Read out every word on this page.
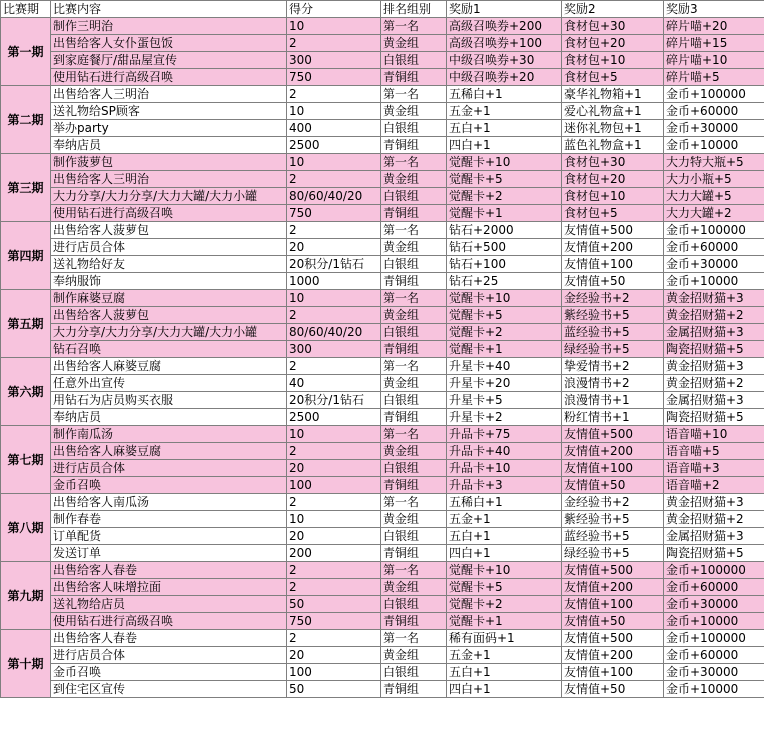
比赛期	比赛内容	得分	排名组别	奖励1	奖励2	奖励3
第一期	制作三明治	10	第一名	高级召唤券+200	食材包+30	碎片喵+20
	出售给客人女仆蛋包饭	2	黄金组	高级召唤券+100	食材包+20	碎片喵+15
	到家庭餐厅/甜品屋宣传	300	白银组	中级召唤券+30	食材包+10	碎片喵+10
	使用钻石进行高级召唤	750	青铜组	中级召唤券+20	食材包+5	碎片喵+5
第二期	出售给客人三明治	2	第一名	五稀白+1	豪华礼物箱+1	金币+100000
	送礼物给SP顾客	10	黄金组	五金+1	爱心礼物盒+1	金币+60000
	举办party	400	白银组	五白+1	迷你礼物包+1	金币+30000
	奉纳店员	2500	青铜组	四白+1	蓝色礼物盒+1	金币+10000
第三期	制作菠萝包	10	第一名	觉醒卡+10	食材包+30	大力特大瓶+5
	出售给客人三明治	2	黄金组	觉醒卡+5	食材包+20	大力小瓶+5
	大力分享/大力分享/大力大罐/大力小罐	80/60/40/20	白银组	觉醒卡+2	食材包+10	大力大罐+5
	使用钻石进行高级召唤	750	青铜组	觉醒卡+1	食材包+5	大力大罐+2
第四期	出售给客人菠萝包	2	第一名	钻石+2000	友情值+500	金币+100000
	进行店员合体	20	黄金组	钻石+500	友情值+200	金币+60000
	送礼物给好友	20积分/1钻石	白银组	钻石+100	友情值+100	金币+30000
	奉纳服饰	1000	青铜组	钻石+25	友情值+50	金币+10000
第五期	制作麻婆豆腐	10	第一名	觉醒卡+10	金经验书+2	黄金招财猫+3
	出售给客人菠萝包	2	黄金组	觉醒卡+5	紫经验书+5	黄金招财猫+2
	大力分享/大力分享/大力大罐/大力小罐	80/60/40/20	白银组	觉醒卡+2	蓝经验书+5	金属招财猫+3
	钻石召唤	300	青铜组	觉醒卡+1	绿经验书+5	陶瓷招财猫+5
第六期	出售给客人麻婆豆腐	2	第一名	升星卡+40	挚爱情书+2	黄金招财猫+3
	任意外出宣传	40	黄金组	升星卡+20	浪漫情书+2	黄金招财猫+2
	用钻石为店员购买衣服	20积分/1钻石	白银组	升星卡+5	浪漫情书+1	金属招财猫+3
	奉纳店员	2500	青铜组	升星卡+2	粉红情书+1	陶瓷招财猫+5
第七期	制作南瓜汤	10	第一名	升品卡+75	友情值+500	语音喵+10
	出售给客人麻婆豆腐	2	黄金组	升品卡+40	友情值+200	语音喵+5
	进行店员合体	20	白银组	升品卡+10	友情值+100	语音喵+3
	金币召唤	100	青铜组	升品卡+3	友情值+50	语音喵+2
第八期	出售给客人南瓜汤	2	第一名	五稀白+1	金经验书+2	黄金招财猫+3
	制作春卷	10	黄金组	五金+1	紫经验书+5	黄金招财猫+2
	订单配货	20	白银组	五白+1	蓝经验书+5	金属招财猫+3
	发送订单	200	青铜组	四白+1	绿经验书+5	陶瓷招财猫+5
第九期	出售给客人春卷	2	第一名	觉醒卡+10	友情值+500	金币+100000
	出售给客人味增拉面	2	黄金组	觉醒卡+5	友情值+200	金币+60000
	送礼物给店员	50	白银组	觉醒卡+2	友情值+100	金币+30000
	使用钻石进行高级召唤	750	青铜组	觉醒卡+1	友情值+50	金币+10000
第十期	出售给客人春卷	2	第一名	稀有面码+1	友情值+500	金币+100000
	进行店员合体	20	黄金组	五金+1	友情值+200	金币+60000
	金币召唤	100	白银组	五白+1	友情值+100	金币+30000
	到住宅区宣传	50	青铜组	四白+1	友情值+50	金币+10000
